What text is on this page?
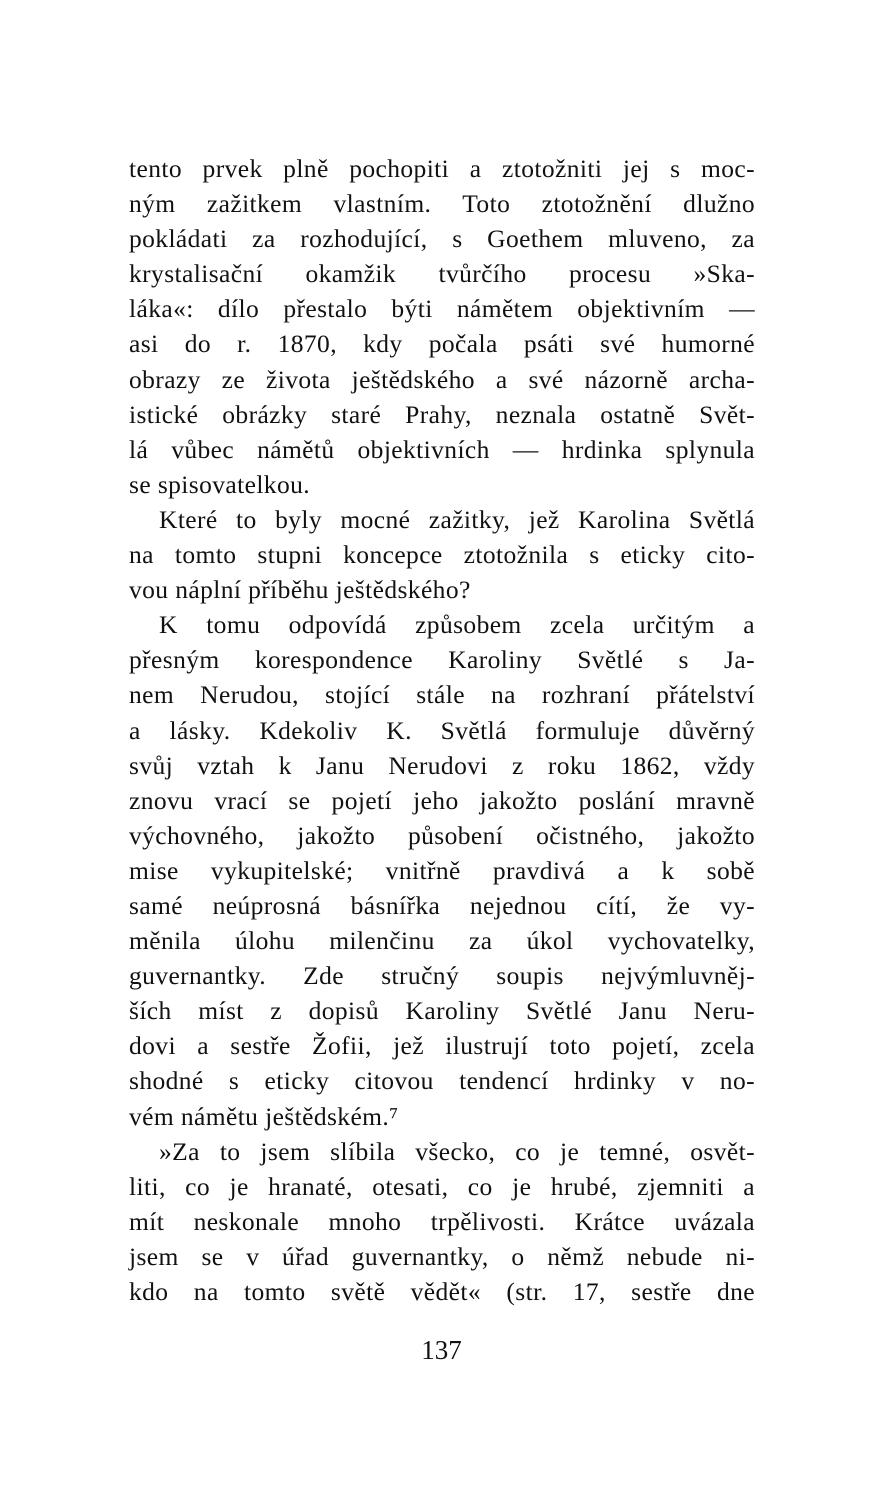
tento prvek plně pochopiti a ztotožniti jej s moc-
ným zažitkem vlastním. Toto ztotožnění dlužno
pokládati za rozhodující, s Goethem mluveno, za
krystalisační okamžik tvůrčího procesu »Ska-
láka«: dílo přestalo býti námětem objektivním —
asi do r. 1870, kdy počala psáti své humorné
obrazy ze života ještědského a své názorně archa-
istické obrázky staré Prahy, neznala ostatně Svět-
lá vůbec námětů objektivních — hrdinka splynula
se spisovatelkou.
Které to byly mocné zažitky, jež Karolina Světlá
na tomto stupni koncepce ztotožnila s eticky cito-
vou náplní příběhu ještědského?
K tomu odpovídá způsobem zcela určitým a
přesným korespondence Karoliny Světlé s Ja-
nem Nerudou, stojící stále na rozhraní přátelství
a lásky. Kdekoliv K. Světlá formuluje důvěrný
svůj vztah k Janu Nerudovi z roku 1862, vždy
znovu vrací se pojetí jeho jakožto poslání mravně
výchovného, jakožto působení očistného, jakožto
mise vykupitelské; vnitřně pravdivá a k sobě
samé neúprosná básnířka nejednou cítí, že vy-
měnila úlohu milenčinu za úkol vychovatelky,
guvernantky. Zde stručný soupis nejvýmluvněj-
ších míst z dopisů Karoliny Světlé Janu Neru-
dovi a sestře Žofii, jež ilustrují toto pojetí, zcela
shodné s eticky citovou tendencí hrdinky v no-
vém námětu ještědském.⁷
»Za to jsem slíbila všecko, co je temné, osvět-
liti, co je hranaté, otesati, co je hrubé, zjemniti a
mít neskonale mnoho trpělivosti. Krátce uvázala
jsem se v úřad guvernantky, o němž nebude ni-
kdo na tomto světě vědět« (str. 17, sestře dne
137
